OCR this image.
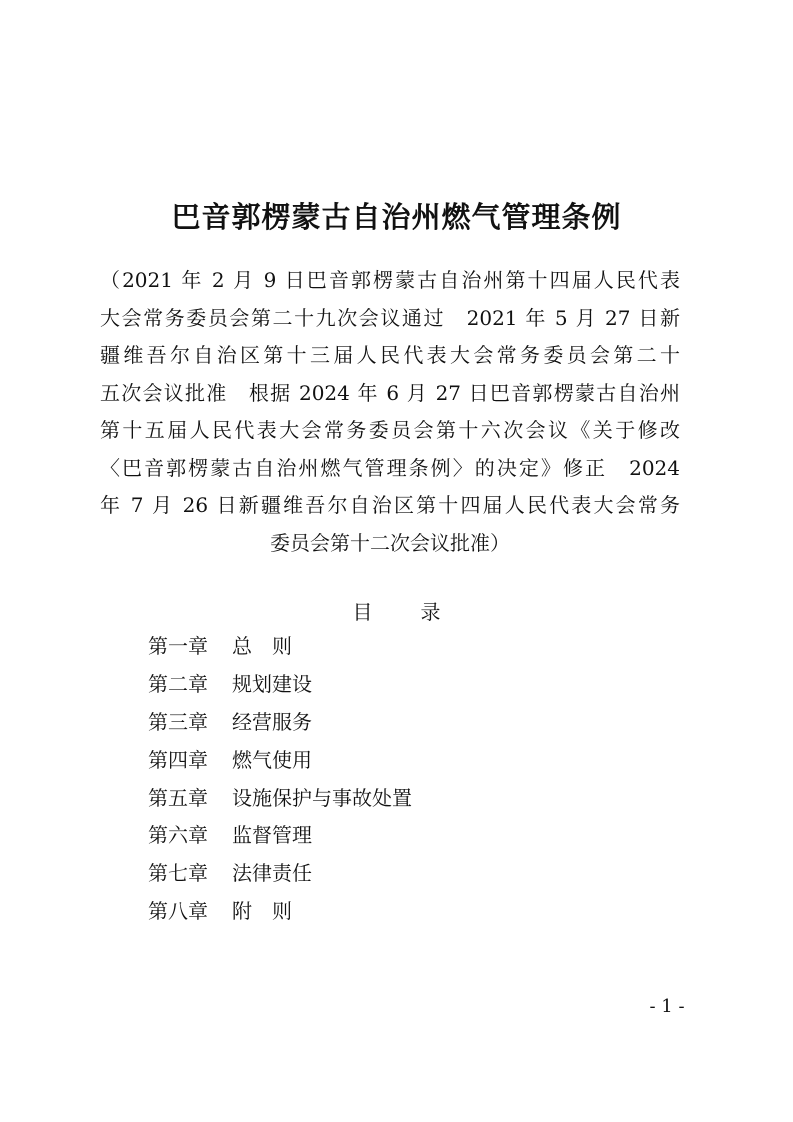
巴音郭楞蒙古自治州燃气管理条例
（2021 年 2 月 9 日巴音郭楞蒙古自治州第十四届人民代表
大会常务委员会第二十九次会议通过　2021 年 5 月 27 日新
疆维吾尔自治区第十三届人民代表大会常务委员会第二十
五次会议批准　根据 2024 年 6 月 27 日巴音郭楞蒙古自治州
第十五届人民代表大会常务委员会第十六次会议《关于修改
〈巴音郭楞蒙古自治州燃气管理条例〉的决定》修正　2024
年 7 月 26 日新疆维吾尔自治区第十四届人民代表大会常务
委员会第十二次会议批准）
目 录
第一章 总　则
第二章 规划建设
第三章 经营服务
第四章 燃气使用
第五章 设施保护与事故处置
第六章 监督管理
第七章 法律责任
第八章 附　则
- 1 -
